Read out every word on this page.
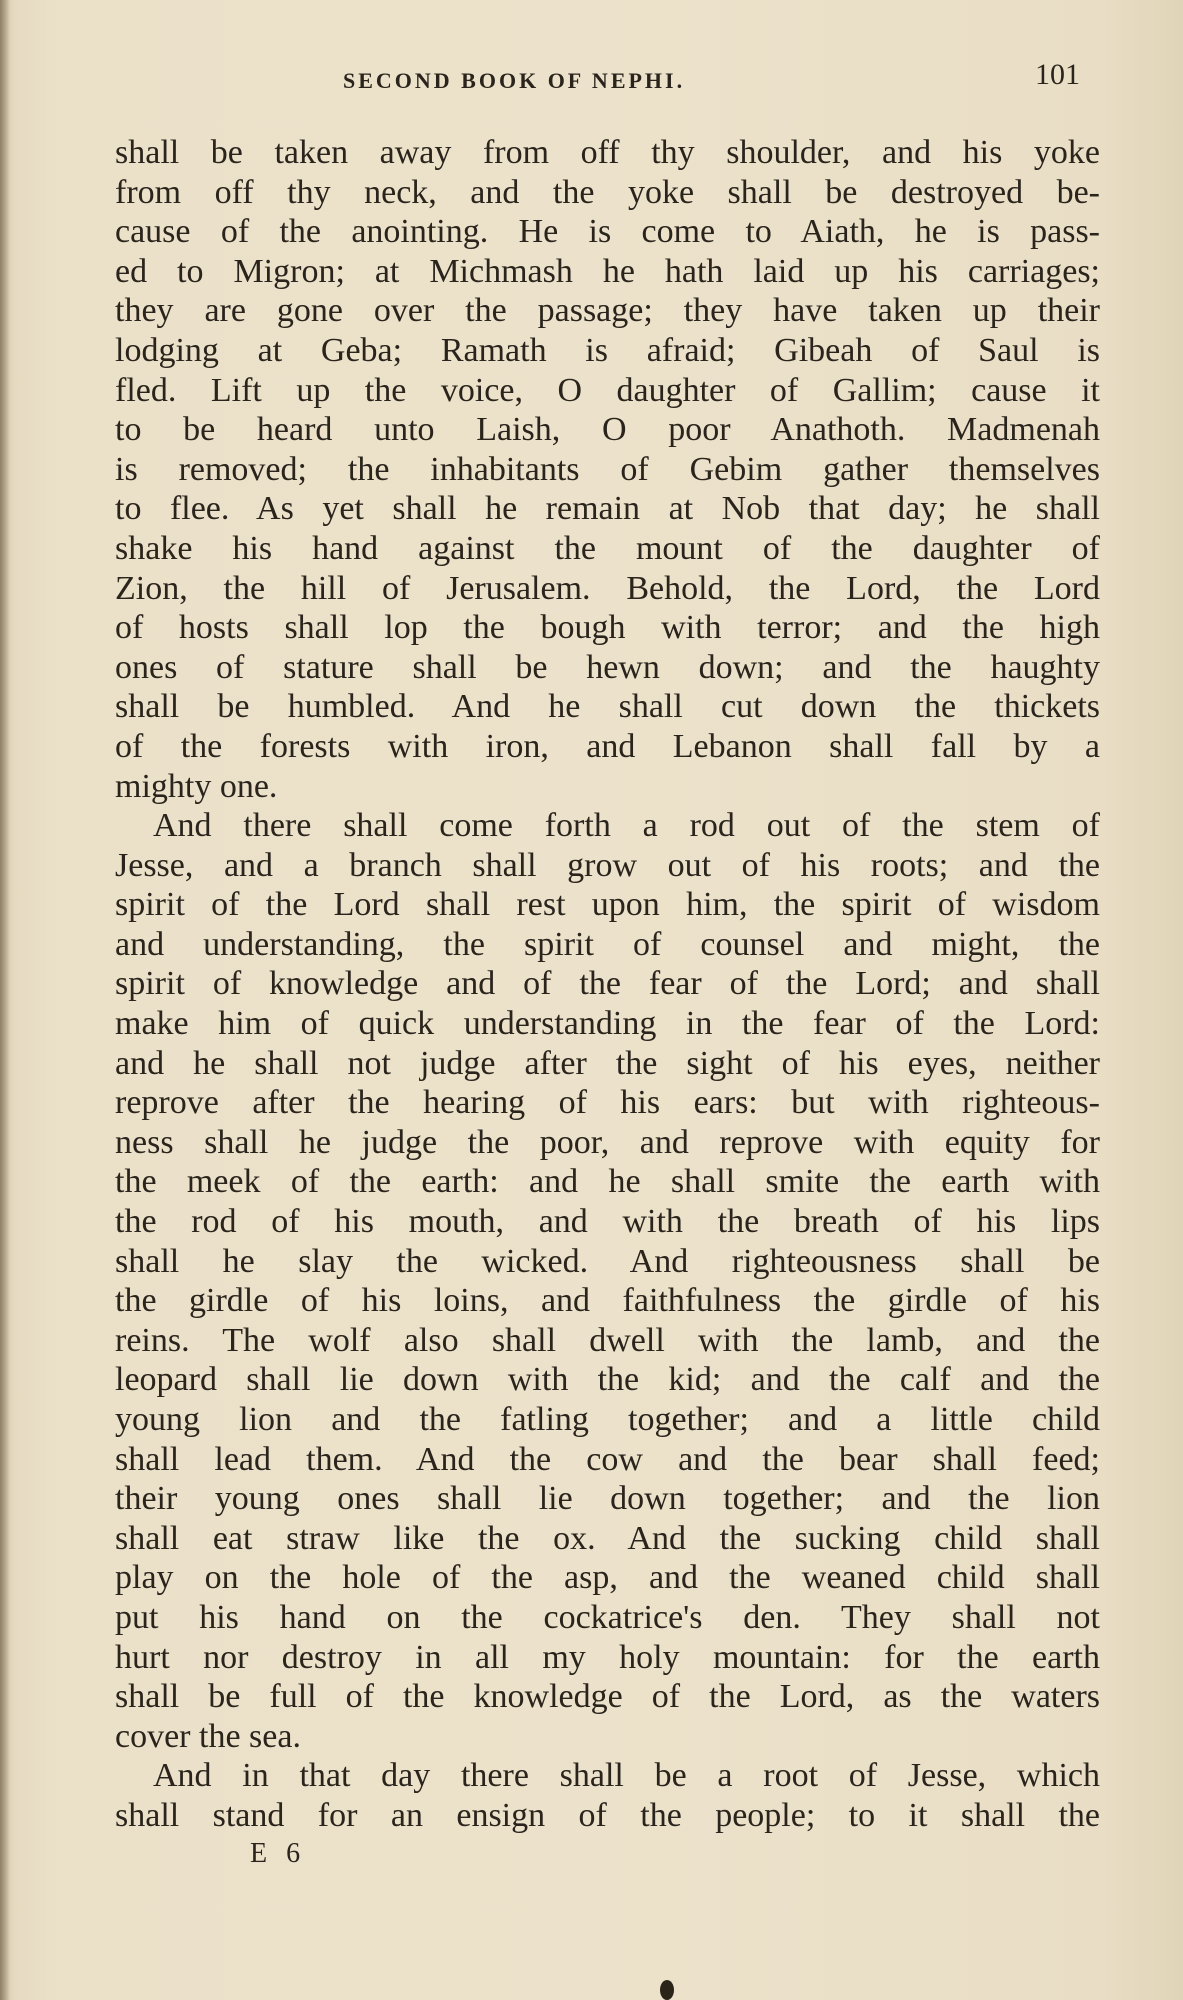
SECOND BOOK OF NEPHI.	101
shall be taken away from off thy shoulder, and his yoke
from off thy neck, and the yoke shall be destroyed be-
cause of the anointing. He is come to Aiath, he is pass-
ed to Migron; at Michmash he hath laid up his carriages;
they are gone over the passage; they have taken up their
lodging at Geba; Ramath is afraid; Gibeah of Saul is
fled. Lift up the voice, O daughter of Gallim; cause it
to be heard unto Laish, O poor Anathoth. Madmenah
is removed; the inhabitants of Gebim gather themselves
to flee. As yet shall he remain at Nob that day; he shall
shake his hand against the mount of the daughter of
Zion, the hill of Jerusalem. Behold, the Lord, the Lord
of hosts shall lop the bough with terror; and the high
ones of stature shall be hewn down; and the haughty
shall be humbled. And he shall cut down the thickets
of the forests with iron, and Lebanon shall fall by a
mighty one.
And there shall come forth a rod out of the stem of
Jesse, and a branch shall grow out of his roots; and the
spirit of the Lord shall rest upon him, the spirit of wisdom
and understanding, the spirit of counsel and might, the
spirit of knowledge and of the fear of the Lord; and shall
make him of quick understanding in the fear of the Lord:
and he shall not judge after the sight of his eyes, neither
reprove after the hearing of his ears: but with righteous-
ness shall he judge the poor, and reprove with equity for
the meek of the earth: and he shall smite the earth with
the rod of his mouth, and with the breath of his lips
shall he slay the wicked. And righteousness shall be
the girdle of his loins, and faithfulness the girdle of his
reins. The wolf also shall dwell with the lamb, and the
leopard shall lie down with the kid; and the calf and the
young lion and the fatling together; and a little child
shall lead them. And the cow and the bear shall feed;
their young ones shall lie down together; and the lion
shall eat straw like the ox. And the sucking child shall
play on the hole of the asp, and the weaned child shall
put his hand on the cockatrice's den. They shall not
hurt nor destroy in all my holy mountain: for the earth
shall be full of the knowledge of the Lord, as the waters
cover the sea.
And in that day there shall be a root of Jesse, which
shall stand for an ensign of the people; to it shall the
E 6
